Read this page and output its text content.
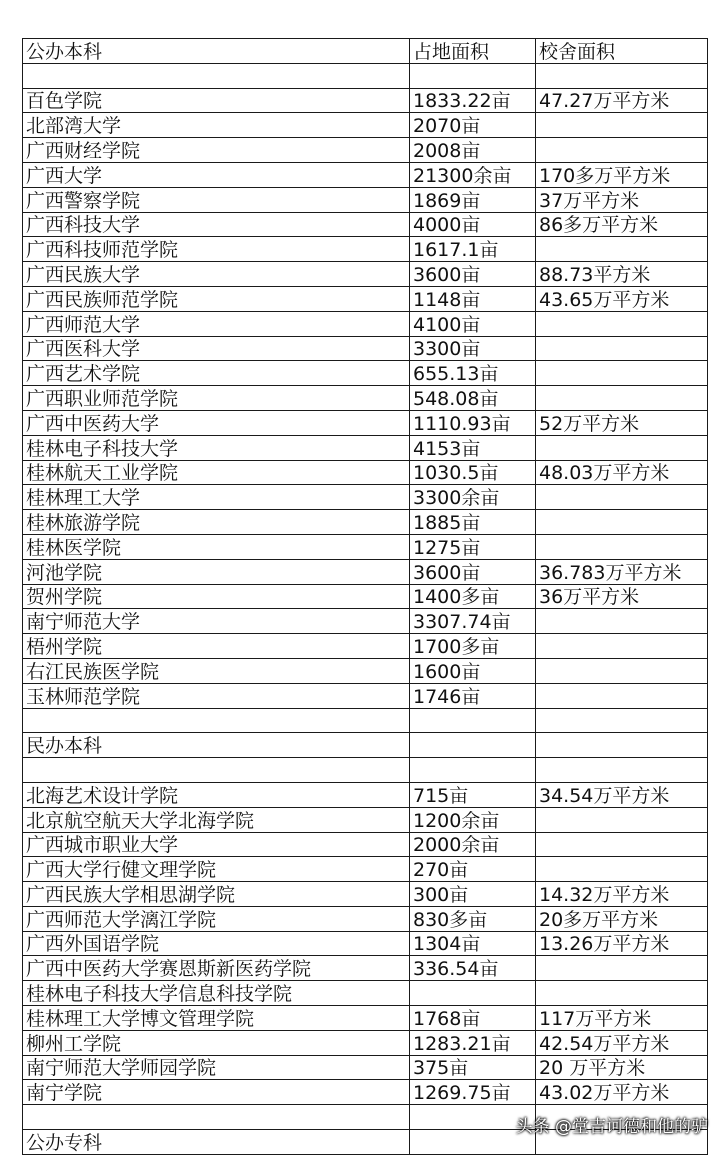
公办本科	占地面积	校舍面积

百色学院	1833.22亩	47.27万平方米
北部湾大学	2070亩	
广西财经学院	2008亩	
广西大学	21300余亩	170多万平方米
广西警察学院	1869亩	37万平方米
广西科技大学	4000亩	86多万平方米
广西科技师范学院	1617.1亩	
广西民族大学	3600亩	88.73平方米
广西民族师范学院	1148亩	43.65万平方米
广西师范大学	4100亩	
广西医科大学	3300亩	
广西艺术学院	655.13亩	
广西职业师范学院	548.08亩	
广西中医药大学	1110.93亩	52万平方米
桂林电子科技大学	4153亩	
桂林航天工业学院	1030.5亩	48.03万平方米
桂林理工大学	3300余亩	
桂林旅游学院	1885亩	
桂林医学院	1275亩	
河池学院	3600亩	36.783万平方米
贺州学院	1400多亩	36万平方米
南宁师范大学	3307.74亩	
梧州学院	1700多亩	
右江民族医学院	1600亩	
玉林师范学院	1746亩	

民办本科		

北海艺术设计学院	715亩	34.54万平方米
北京航空航天大学北海学院	1200余亩	
广西城市职业大学	2000余亩	
广西大学行健文理学院	270亩	
广西民族大学相思湖学院	300亩	14.32万平方米
广西师范大学漓江学院	830多亩	20多万平方米
广西外国语学院	1304亩	13.26万平方米
广西中医药大学赛恩斯新医药学院	336.54亩	
桂林电子科技大学信息科技学院		
桂林理工大学博文管理学院	1768亩	117万平方米
柳州工学院	1283.21亩	42.54万平方米
南宁师范大学师园学院	375亩	20 万平方米
南宁学院	1269.75亩	43.02万平方米

公办专科		
头条 @堂吉诃德和他的驴
